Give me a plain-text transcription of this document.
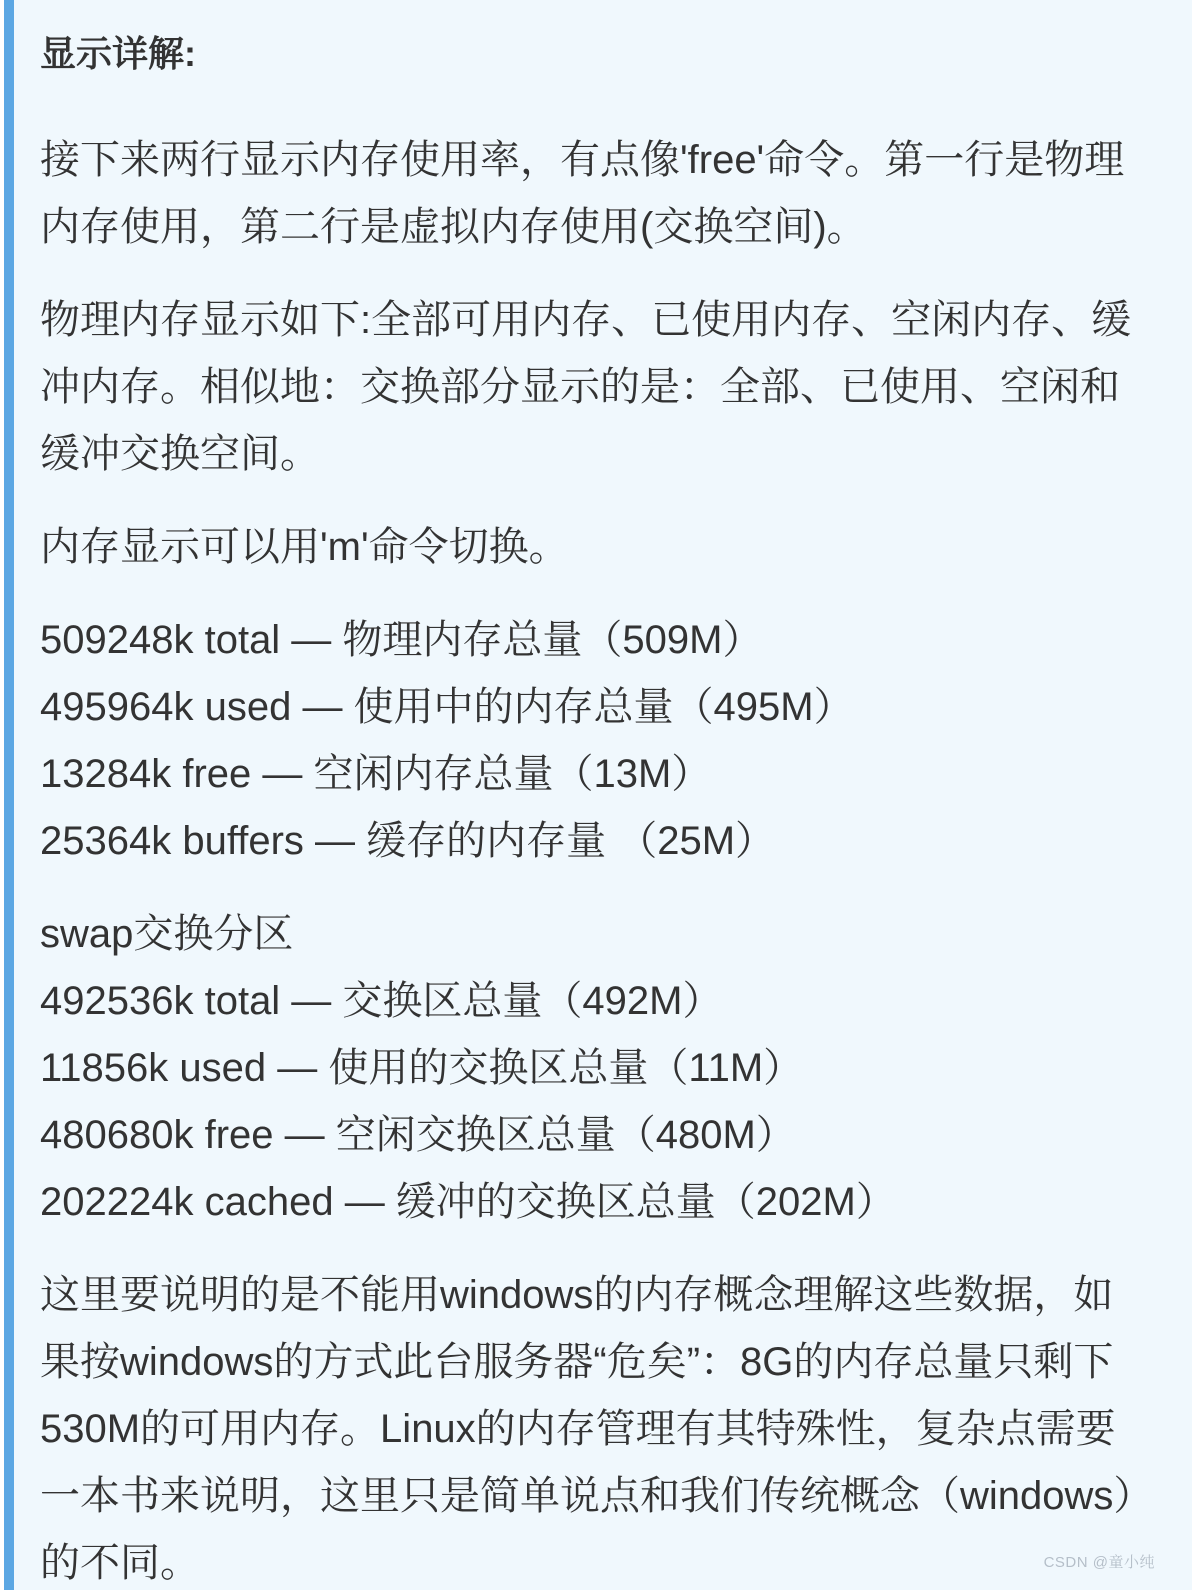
显示详解:

接下来两行显示内存使用率，有点像'free'命令。第一行是物理内存使用，第二行是虚拟内存使用(交换空间)。

物理内存显示如下:全部可用内存、已使用内存、空闲内存、缓冲内存。相似地：交换部分显示的是：全部、已使用、空闲和缓冲交换空间。

内存显示可以用'm'命令切换。

509248k total — 物理内存总量（509M）
495964k used — 使用中的内存总量（495M）
13284k free — 空闲内存总量（13M）
25364k buffers — 缓存的内存量 （25M）
swap交换分区
492536k total — 交换区总量（492M）
11856k used — 使用的交换区总量（11M）
480680k free — 空闲交换区总量（480M）
202224k cached — 缓冲的交换区总量（202M）

这里要说明的是不能用windows的内存概念理解这些数据，如果按windows的方式此台服务器“危矣”：8G的内存总量只剩下530M的可用内存。Linux的内存管理有其特殊性，复杂点需要一本书来说明，这里只是简单说点和我们传统概念（windows）的不同。	CSDN @童小纯
